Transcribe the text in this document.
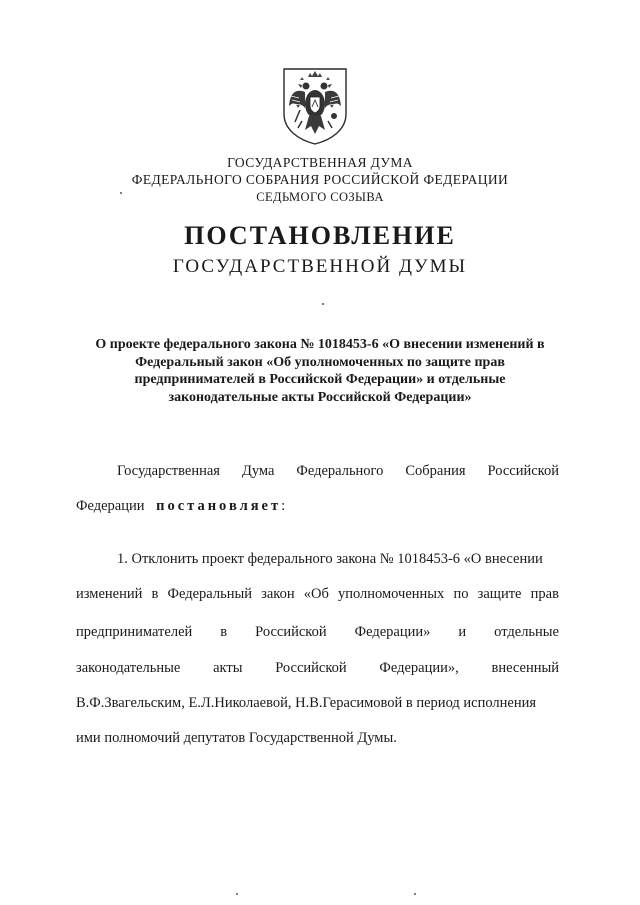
ГОСУДАРСТВЕННАЯ ДУМА
ФЕДЕРАЛЬНОГО СОБРАНИЯ РОССИЙСКОЙ ФЕДЕРАЦИИ
СЕДЬМОГО СОЗЫВА
ПОСТАНОВЛЕНИЕ
ГОСУДАРСТВЕННОЙ ДУМЫ
О проекте федерального закона № 1018453-6 «О внесении изменений в
Федеральный закон «Об уполномоченных по защите прав
предпринимателей в Российской Федерации» и отдельные
законодательные акты Российской Федерации»
Государственная Дума Федерального Собрания Российской
Федерации постановляет:
1. Отклонить проект федерального закона № 1018453-6 «О внесении
изменений в Федеральный закон «Об уполномоченных по защите прав
предпринимателей в Российской Федерации» и отдельные
законодательные акты Российской Федерации», внесенный
В.Ф.Звагельским, Е.Л.Николаевой, Н.В.Герасимовой в период исполнения
ими полномочий депутатов Государственной Думы.
